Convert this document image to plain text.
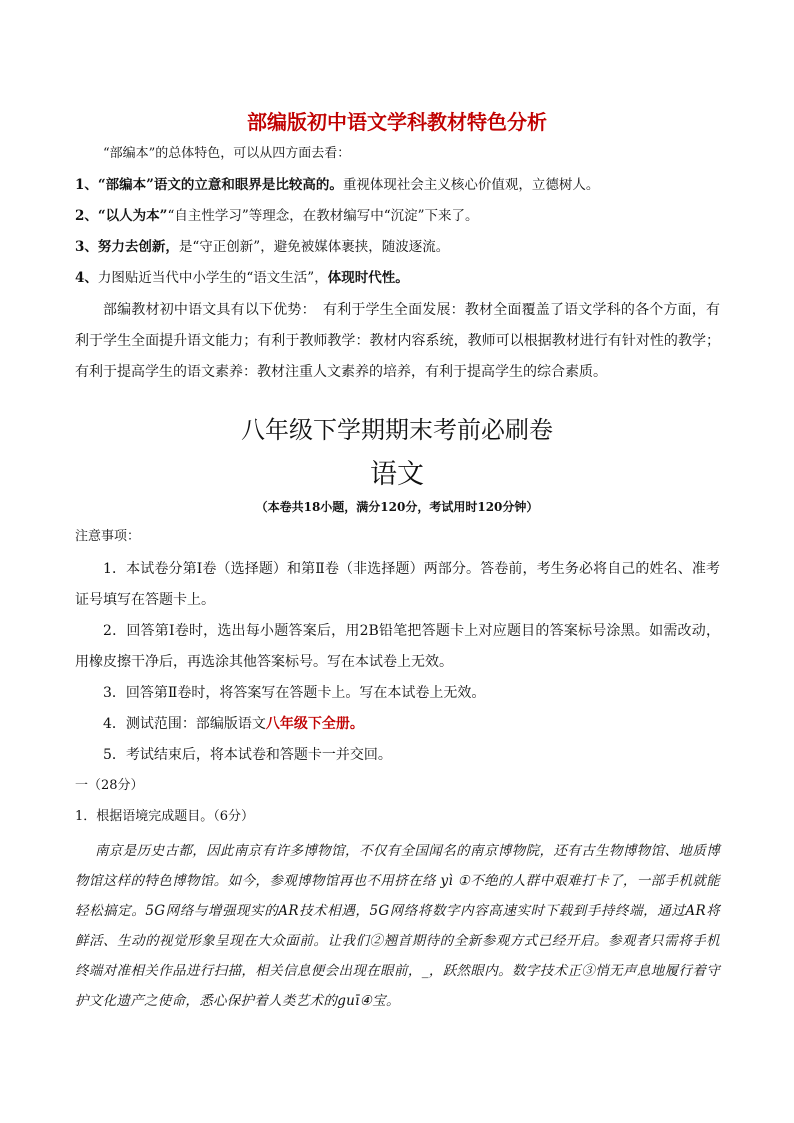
部编版初中语文学科教材特色分析
“部编本”的总体特色，可以从四方面去看：
1、“部编本”语文的立意和眼界是比较高的。重视体现社会主义核心价值观，立德树人。
2、“以人为本”“自主性学习”等理念，在教材编写中“沉淀”下来了。
3、努力去创新，是“守正创新”，避免被媒体裹挟，随波逐流。
4、力图贴近当代中小学生的“语文生活”，体现时代性。
部编教材初中语文具有以下优势：　有利于学生全面发展：教材全面覆盖了语文学科的各个方面，有利于学生全面提升语文能力；有利于教师教学：教材内容系统，教师可以根据教材进行有针对性的教学；有利于提高学生的语文素养：教材注重人文素养的培养，有利于提高学生的综合素质。
八年级下学期期末考前必刷卷
语文
（本卷共18小题，满分120分，考试用时120分钟）
注意事项：
1．本试卷分第Ⅰ卷（选择题）和第Ⅱ卷（非选择题）两部分。答卷前，考生务必将自己的姓名、准考证号填写在答题卡上。
2．回答第Ⅰ卷时，选出每小题答案后，用2B铅笔把答题卡上对应题目的答案标号涂黑。如需改动，用橡皮擦干净后，再选涂其他答案标号。写在本试卷上无效。
3．回答第Ⅱ卷时，将答案写在答题卡上。写在本试卷上无效。
4．测试范围：部编版语文八年级下全册。
5．考试结束后，将本试卷和答题卡一并交回。
一（28分）
1．根据语境完成题目。（6分）
南京是历史古都，因此南京有许多博物馆，不仅有全国闻名的南京博物院，还有古生物博物馆、地质博物馆这样的特色博物馆。如今，参观博物馆再也不用挤在络 yì ①不绝的人群中艰难打卡了，一部手机就能轻松搞定。5G网络与增强现实的AR技术相遇，5G网络将数字内容高速实时下载到手持终端，通过AR将鲜活、生动的视觉形象呈现在大众面前。让我们②翘首期待的全新参观方式已经开启。参观者只需将手机终端对准相关作品进行扫描，相关信息便会出现在眼前，_，跃然眼内。数字技术正③悄无声息地履行着守护文化遗产之使命，悉心保护着人类艺术的guī④宝。
